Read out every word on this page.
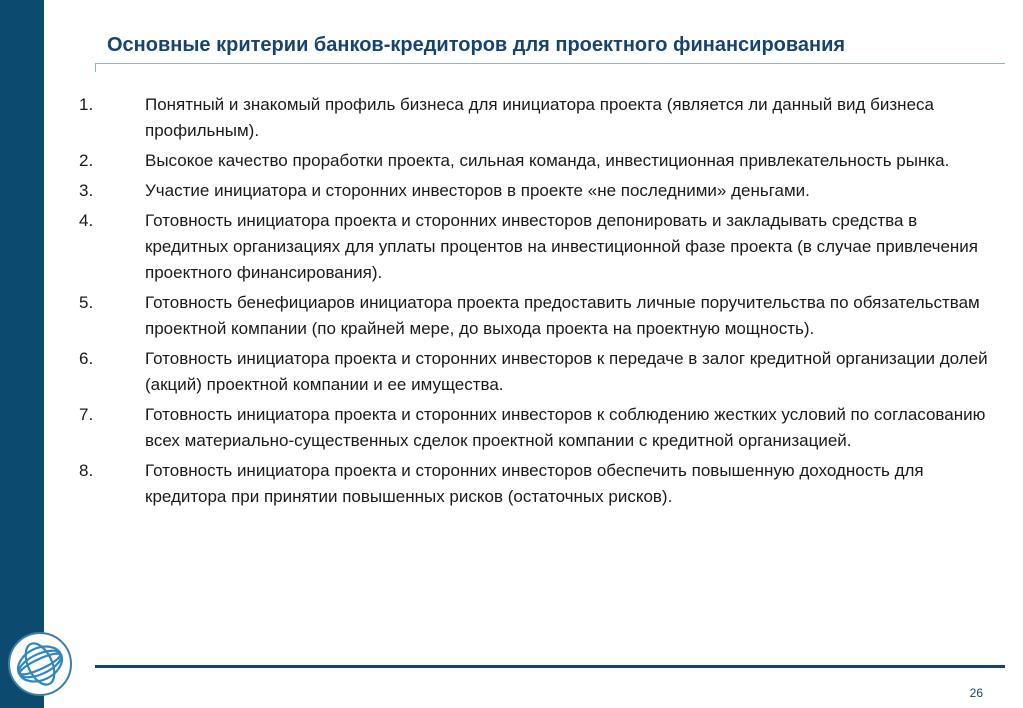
Основные критерии банков-кредиторов для проектного финансирования
1.	Понятный и знакомый профиль бизнеса для инициатора проекта (является ли данный вид бизнеса профильным).
2.	Высокое качество проработки проекта, сильная команда, инвестиционная привлекательность рынка.
3.	Участие инициатора и сторонних инвесторов в проекте «не последними» деньгами.
4.	Готовность инициатора проекта и сторонних инвесторов депонировать и закладывать средства в кредитных организациях для уплаты процентов на инвестиционной фазе проекта (в случае привлечения проектного финансирования).
5.	Готовность бенефициаров инициатора проекта предоставить личные поручительства по обязательствам проектной компании (по крайней мере, до выхода проекта на проектную мощность).
6.	Готовность инициатора проекта и сторонних инвесторов к передаче в залог кредитной организации долей (акций) проектной компании и ее имущества.
7.	Готовность инициатора проекта и сторонних инвесторов к соблюдению жестких условий по согласованию всех материально-существенных сделок проектной компании с кредитной организацией.
8.	Готовность инициатора проекта и сторонних инвесторов обеспечить повышенную доходность для кредитора при принятии повышенных рисков (остаточных рисков).
26
